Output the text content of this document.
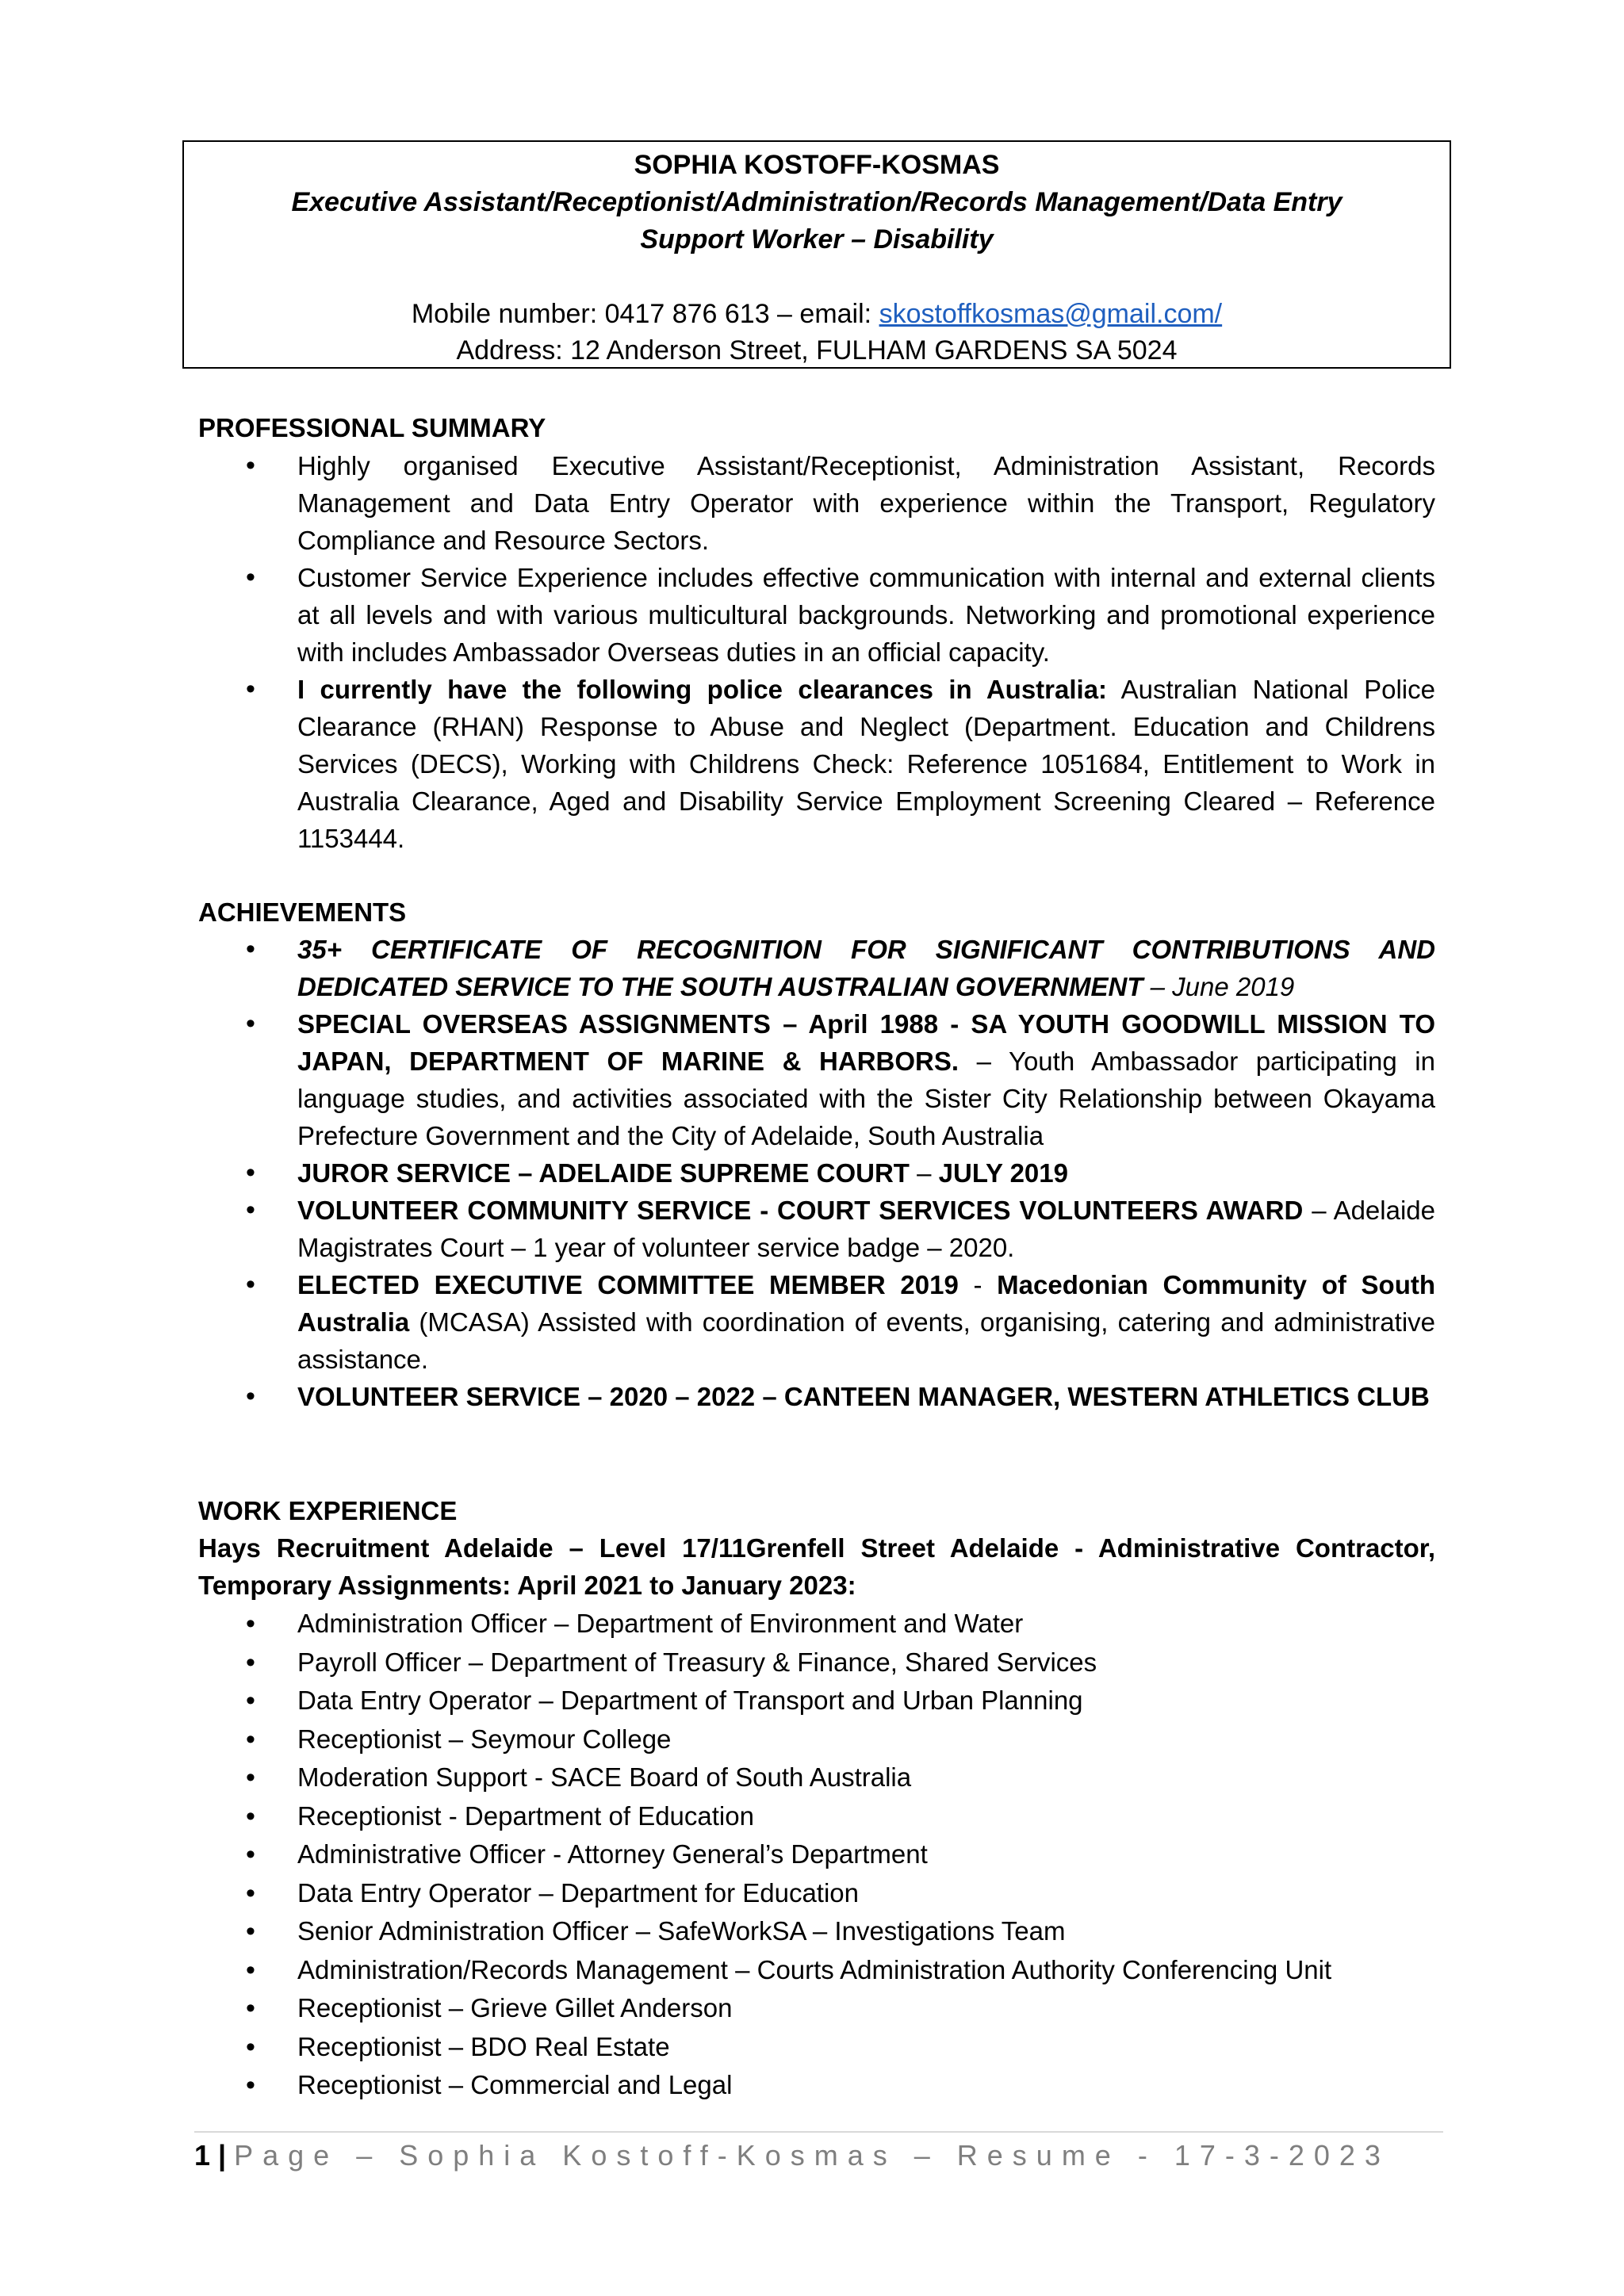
SOPHIA KOSTOFF-KOSMAS
Executive Assistant/Receptionist/Administration/Records Management/Data Entry
Support Worker – Disability
Mobile number: 0417 876 613 – email: skostoffkosmas@gmail.com/
Address: 12 Anderson Street, FULHAM GARDENS SA 5024
PROFESSIONAL SUMMARY
• Highly organised Executive Assistant/Receptionist, Administration Assistant, Records Management and Data Entry Operator with experience within the Transport, Regulatory Compliance and Resource Sectors.
• Customer Service Experience includes effective communication with internal and external clients at all levels and with various multicultural backgrounds. Networking and promotional experience with includes Ambassador Overseas duties in an official capacity.
• I currently have the following police clearances in Australia: Australian National Police Clearance (RHAN) Response to Abuse and Neglect (Department. Education and Childrens Services (DECS), Working with Childrens Check: Reference 1051684, Entitlement to Work in Australia Clearance, Aged and Disability Service Employment Screening Cleared – Reference 1153444.
ACHIEVEMENTS
• 35+ CERTIFICATE OF RECOGNITION FOR SIGNIFICANT CONTRIBUTIONS AND DEDICATED SERVICE TO THE SOUTH AUSTRALIAN GOVERNMENT – June 2019
• SPECIAL OVERSEAS ASSIGNMENTS – April 1988 - SA YOUTH GOODWILL MISSION TO JAPAN, DEPARTMENT OF MARINE & HARBORS. – Youth Ambassador participating in language studies, and activities associated with the Sister City Relationship between Okayama Prefecture Government and the City of Adelaide, South Australia
• JUROR SERVICE – ADELAIDE SUPREME COURT – JULY 2019
• VOLUNTEER COMMUNITY SERVICE - COURT SERVICES VOLUNTEERS AWARD – Adelaide Magistrates Court – 1 year of volunteer service badge – 2020.
• ELECTED EXECUTIVE COMMITTEE MEMBER 2019 - Macedonian Community of South Australia (MCASA) Assisted with coordination of events, organising, catering and administrative assistance.
• VOLUNTEER SERVICE – 2020 – 2022 – CANTEEN MANAGER, WESTERN ATHLETICS CLUB
WORK EXPERIENCE
Hays Recruitment Adelaide – Level 17/11Grenfell Street Adelaide - Administrative Contractor, Temporary Assignments: April 2021 to January 2023:
• Administration Officer – Department of Environment and Water
• Payroll Officer – Department of Treasury & Finance, Shared Services
• Data Entry Operator – Department of Transport and Urban Planning
• Receptionist – Seymour College
• Moderation Support - SACE Board of South Australia
• Receptionist - Department of Education
• Administrative Officer - Attorney General’s Department
• Data Entry Operator – Department for Education
• Senior Administration Officer – SafeWorkSA – Investigations Team
• Administration/Records Management – Courts Administration Authority Conferencing Unit
• Receptionist – Grieve Gillet Anderson
• Receptionist – BDO Real Estate
• Receptionist – Commercial and Legal
1 | Page – Sophia Kostoff-Kosmas – Resume - 17-3-2023
